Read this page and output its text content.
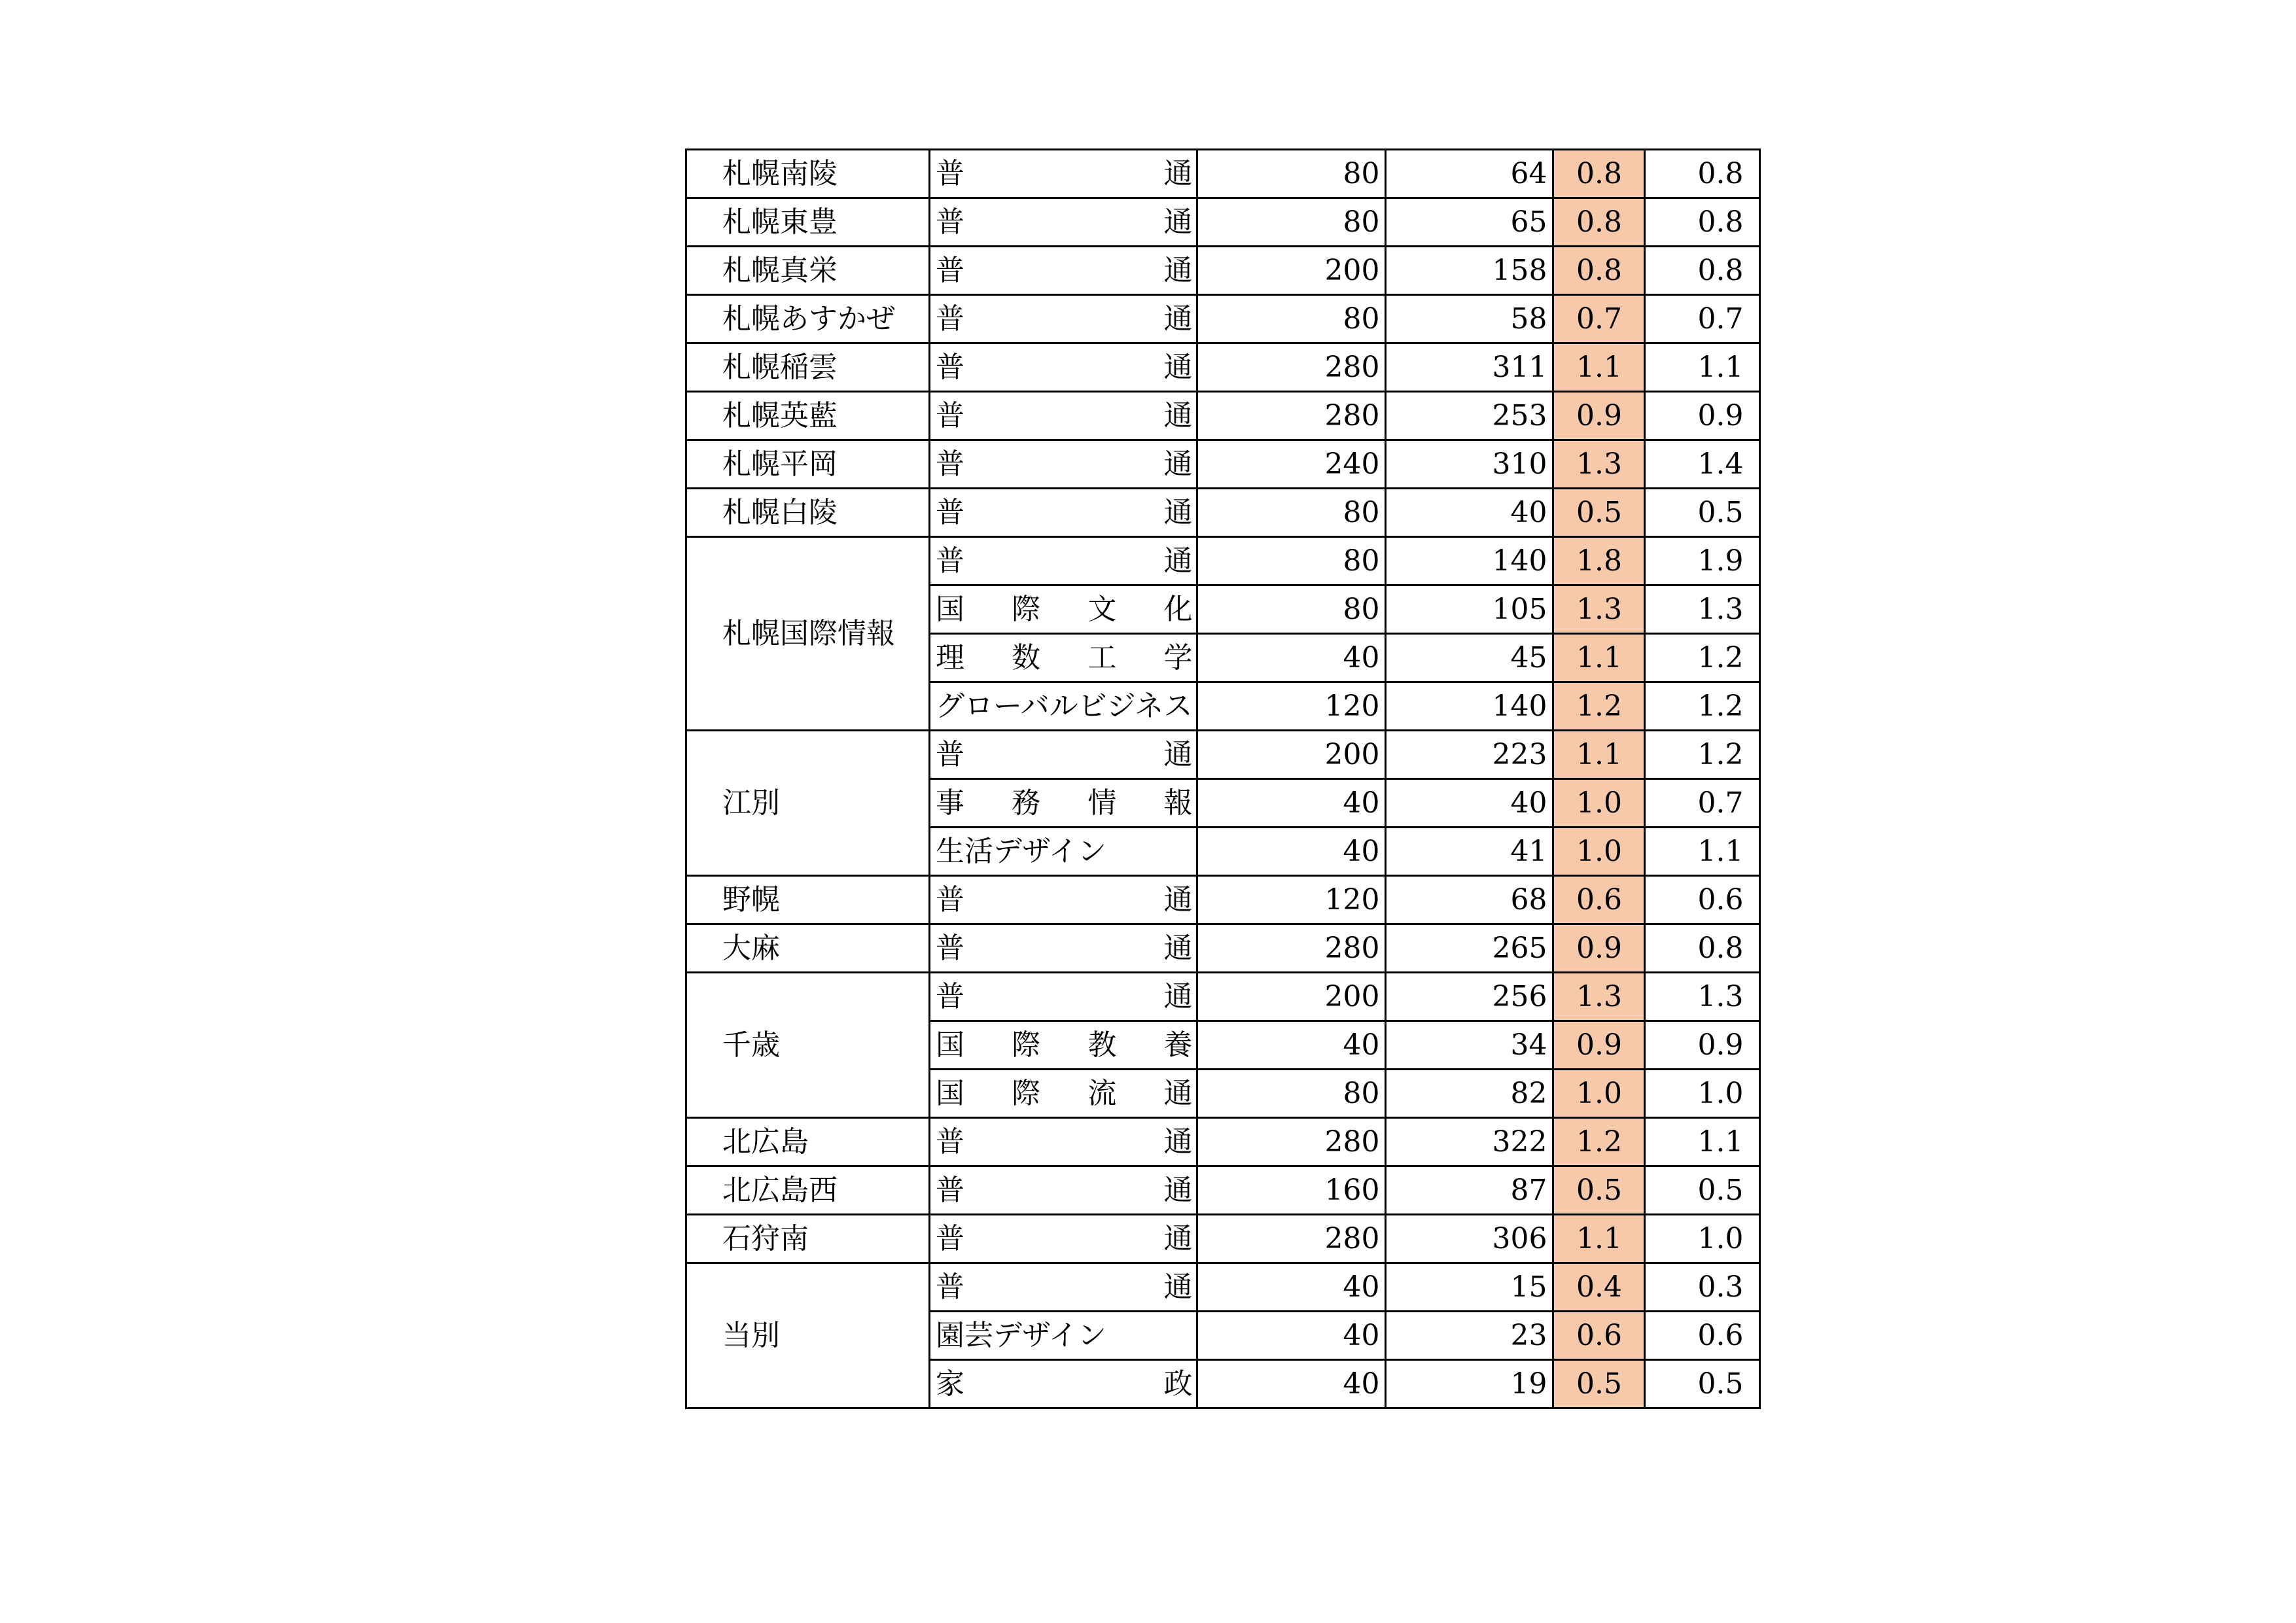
札幌南陵	普　通	80	64	0.8	0.8
札幌東豊	普　通	80	65	0.8	0.8
札幌真栄	普　通	200	158	0.8	0.8
札幌あすかぜ	普　通	80	58	0.7	0.7
札幌稲雲	普　通	280	311	1.1	1.1
札幌英藍	普　通	280	253	0.9	0.9
札幌平岡	普　通	240	310	1.3	1.4
札幌白陵	普　通	80	40	0.5	0.5
札幌国際情報	普　通	80	140	1.8	1.9
	国際文化	80	105	1.3	1.3
	理数工学	40	45	1.1	1.2
	グローバルビジネス	120	140	1.2	1.2
江別	普　通	200	223	1.1	1.2
	事務情報	40	40	1.0	0.7
	生活デザイン	40	41	1.0	1.1
野幌	普　通	120	68	0.6	0.6
大麻	普　通	280	265	0.9	0.8
千歳	普　通	200	256	1.3	1.3
	国際教養	40	34	0.9	0.9
	国際流通	80	82	1.0	1.0
北広島	普　通	280	322	1.2	1.1
北広島西	普　通	160	87	0.5	0.5
石狩南	普　通	280	306	1.1	1.0
当別	普　通	40	15	0.4	0.3
	園芸デザイン	40	23	0.6	0.6
	家　政	40	19	0.5	0.5
